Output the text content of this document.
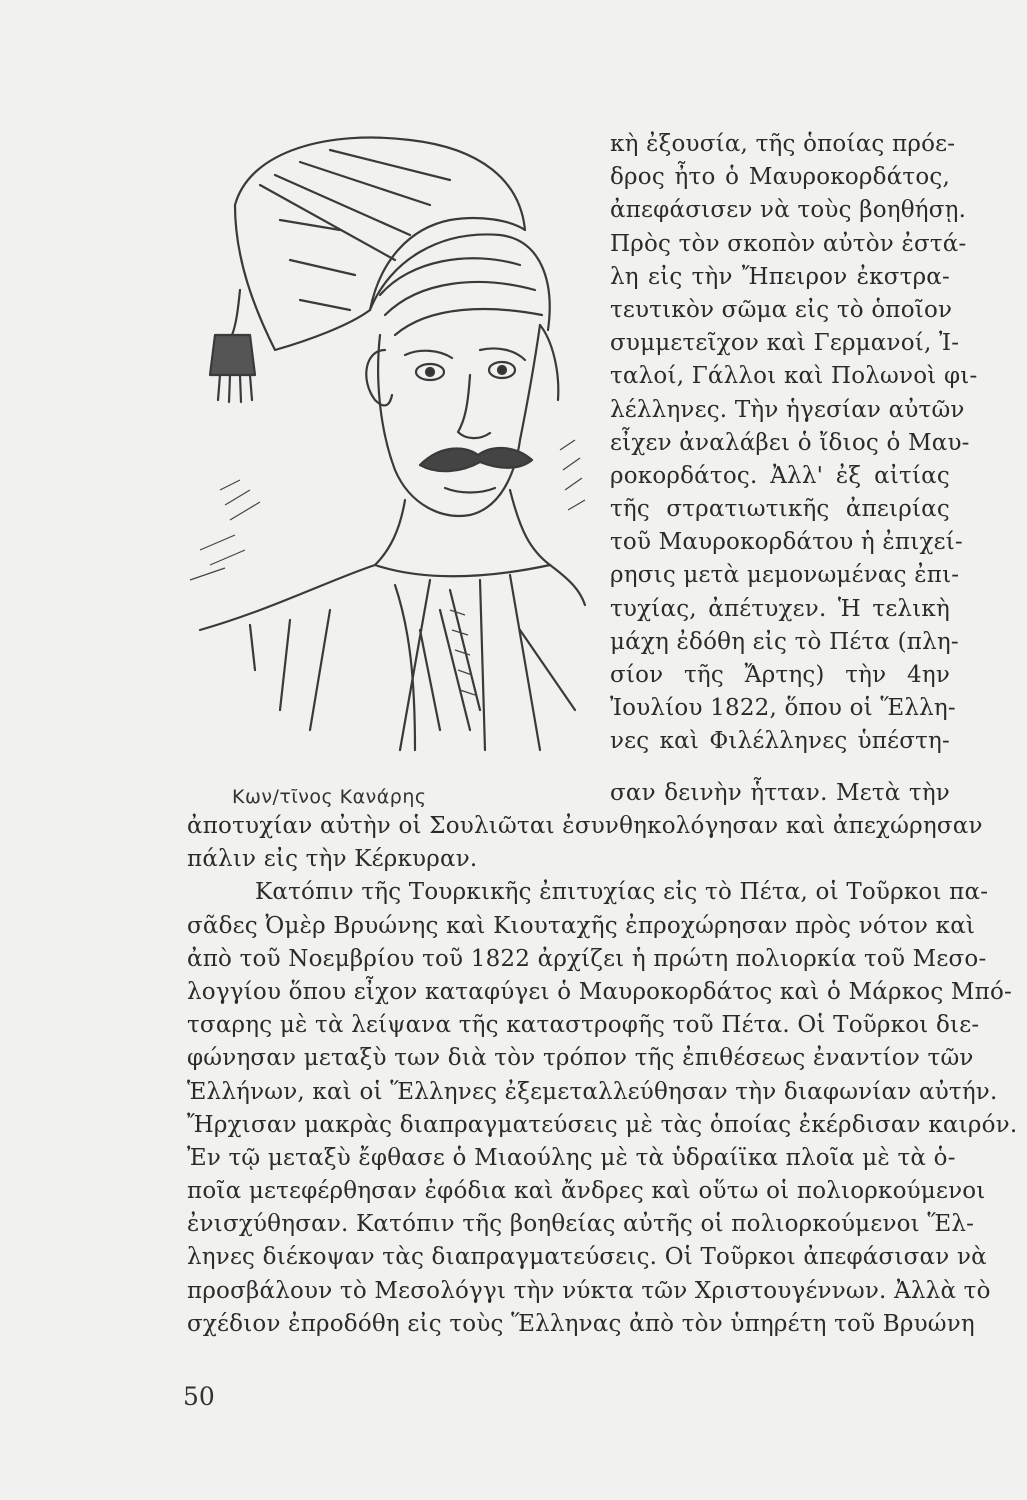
κὴ ἐξουσία, τῆς ὁποίας πρόε-
δρος ἦτο ὁ Μαυροκορδάτος,
ἀπεφάσισεν νὰ τοὺς βοηθήσῃ.
Πρὸς τὸν σκοπὸν αὐτὸν ἐστά-
λη εἰς τὴν Ἤπειρον ἐκστρα-
τευτικὸν σῶμα εἰς τὸ ὁποῖον
συμμετεῖχον καὶ Γερμανοί, Ἰ-
ταλοί, Γάλλοι καὶ Πολωνοὶ φι-
λέλληνες. Τὴν ἡγεσίαν αὐτῶν
εἶχεν ἀναλάβει ὁ ἴδιος ὁ Μαυ-
ροκορδάτος. Ἀλλ' ἐξ αἰτίας
τῆς στρατιωτικῆς ἀπειρίας
τοῦ Μαυροκορδάτου ἡ ἐπιχεί-
ρησις μετὰ μεμονωμένας ἐπι-
τυχίας, ἀπέτυχεν. Ἡ τελικὴ
μάχη ἐδόθη εἰς τὸ Πέτα (πλη-
σίον τῆς Ἄρτης) τὴν 4ην
Ἰουλίου 1822, ὅπου οἱ Ἕλλη-
νες καὶ Φιλέλληνες ὑπέστη-
Κων/τῖνος Κανάρης	σαν δεινὴν ἧτταν. Μετὰ τὴν
ἀποτυχίαν αὐτὴν οἱ Σουλιῶται ἐσυνθηκολόγησαν καὶ ἀπεχώρησαν
πάλιν εἰς τὴν Κέρκυραν.
Κατόπιν τῆς Τουρκικῆς ἐπιτυχίας εἰς τὸ Πέτα, οἱ Τοῦρκοι πα-
σᾶδες Ὀμὲρ Βρυώνης καὶ Κιουταχῆς ἐπροχώρησαν πρὸς νότον καὶ
ἀπὸ τοῦ Νοεμβρίου τοῦ 1822 ἀρχίζει ἡ πρώτη πολιορκία τοῦ Μεσο-
λογγίου ὅπου εἶχον καταφύγει ὁ Μαυροκορδάτος καὶ ὁ Μάρκος Μπό-
τσαρης μὲ τὰ λείψανα τῆς καταστροφῆς τοῦ Πέτα. Οἱ Τοῦρκοι διε-
φώνησαν μεταξὺ των διὰ τὸν τρόπον τῆς ἐπιθέσεως ἐναντίον τῶν
Ἑλλήνων, καὶ οἱ Ἕλληνες ἐξεμεταλλεύθησαν τὴν διαφωνίαν αὐτήν.
Ἤρχισαν μακρὰς διαπραγματεύσεις μὲ τὰς ὁποίας ἐκέρδισαν καιρόν.
Ἐν τῷ μεταξὺ ἔφθασε ὁ Μιαούλης μὲ τὰ ὑδραίϊκα πλοῖα μὲ τὰ ὁ-
ποῖα μετεφέρθησαν ἐφόδια καὶ ἄνδρες καὶ οὕτω οἱ πολιορκούμενοι
ἐνισχύθησαν. Κατόπιν τῆς βοηθείας αὐτῆς οἱ πολιορκούμενοι Ἕλ-
ληνες διέκοψαν τὰς διαπραγματεύσεις. Οἱ Τοῦρκοι ἀπεφάσισαν νὰ
προσβάλουν τὸ Μεσολόγγι τὴν νύκτα τῶν Χριστουγέννων. Ἀλλὰ τὸ
σχέδιον ἐπροδόθη εἰς τοὺς Ἕλληνας ἀπὸ τὸν ὑπηρέτη τοῦ Βρυώνη
50
